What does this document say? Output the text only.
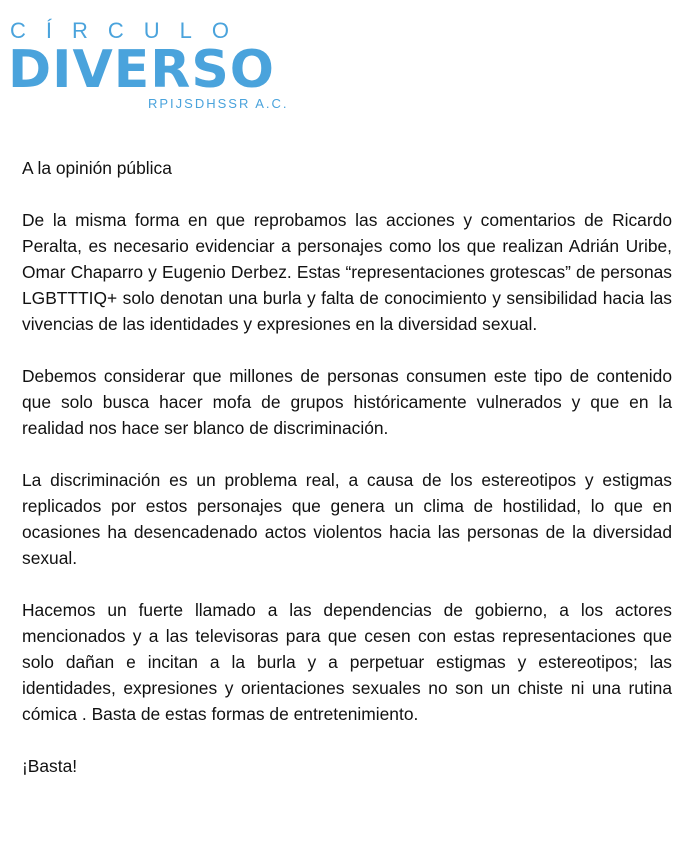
CÍRCULO
DIVERSO
RPIJSDHSSR A.C.

A la opinión pública

De la misma forma en que reprobamos las acciones y comentarios de Ricardo Peralta, es necesario evidenciar a personajes como los que realizan Adrián Uribe, Omar Chaparro y Eugenio Derbez. Estas “representaciones grotescas” de personas LGBTTTIQ+ solo denotan una burla y falta de conocimiento y sensibilidad hacia las vivencias de las identidades y expresiones en la diversidad sexual.

Debemos considerar que millones de personas consumen este tipo de contenido que solo busca hacer mofa de grupos históricamente vulnerados y que en la realidad nos hace ser blanco de discriminación.

La discriminación es un problema real, a causa de los estereotipos y estigmas replicados por estos personajes que genera un clima de hostilidad, lo que en ocasiones ha desencadenado actos violentos hacia las personas de la diversidad sexual.

Hacemos un fuerte llamado a las dependencias de gobierno, a los actores mencionados y a las televisoras para que cesen con estas representaciones que solo dañan e incitan a la burla y a perpetuar estigmas y estereotipos; las identidades, expresiones y orientaciones sexuales no son un chiste ni una rutina cómica . Basta de estas formas de entretenimiento.

¡Basta!
